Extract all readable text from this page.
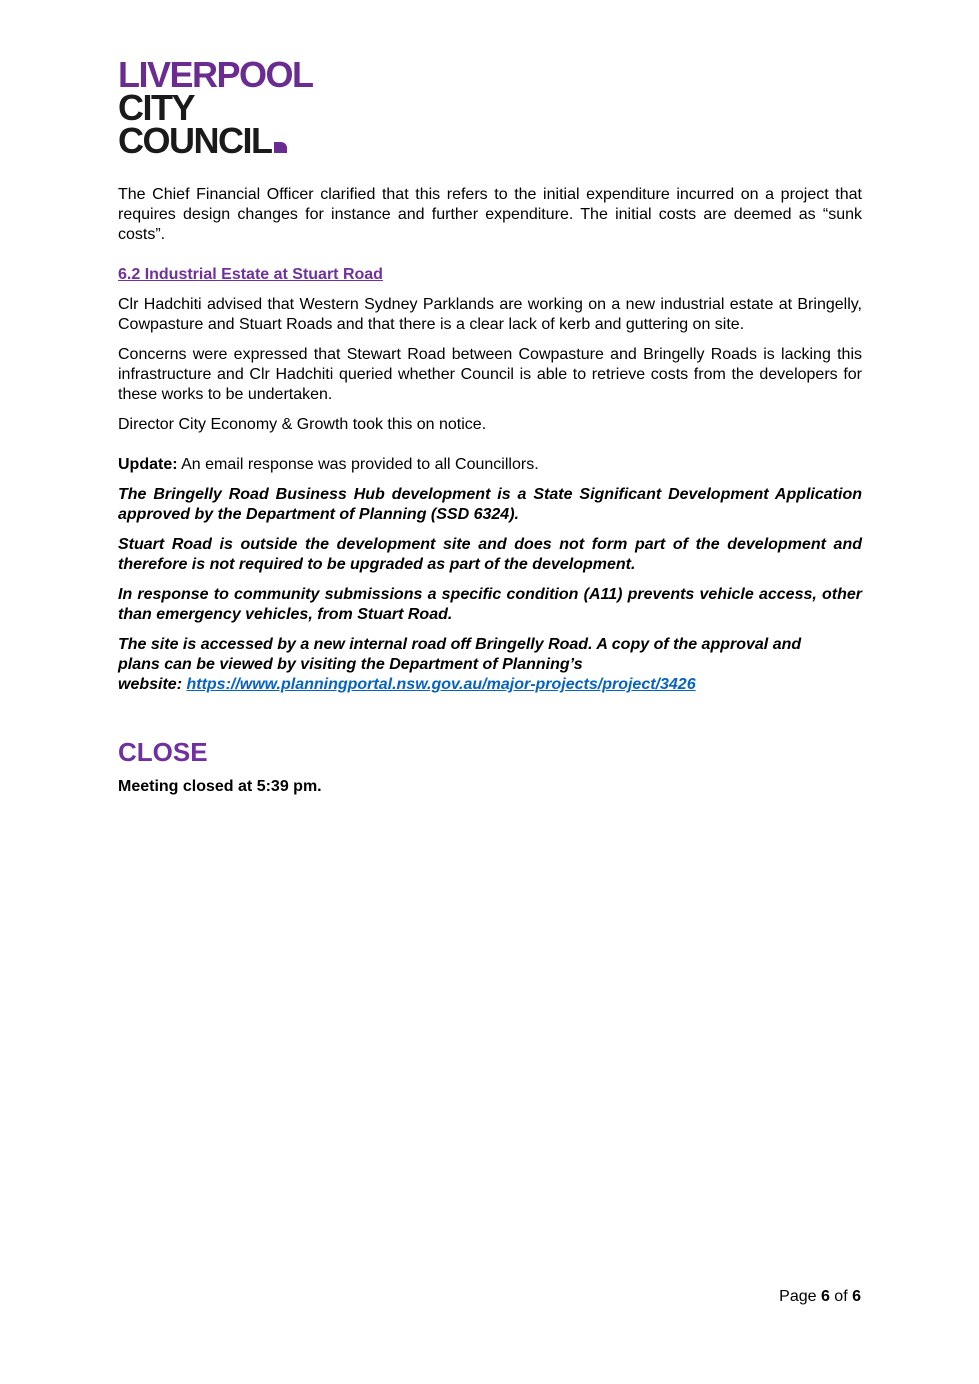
LIVERPOOL
CITY
COUNCIL

The Chief Financial Officer clarified that this refers to the initial expenditure incurred on a project that requires design changes for instance and further expenditure. The initial costs are deemed as “sunk costs”.

6.2 Industrial Estate at Stuart Road

Clr Hadchiti advised that Western Sydney Parklands are working on a new industrial estate at Bringelly, Cowpasture and Stuart Roads and that there is a clear lack of kerb and guttering on site.

Concerns were expressed that Stewart Road between Cowpasture and Bringelly Roads is lacking this infrastructure and Clr Hadchiti queried whether Council is able to retrieve costs from the developers for these works to be undertaken.

Director City Economy & Growth took this on notice.

Update: An email response was provided to all Councillors.

The Bringelly Road Business Hub development is a State Significant Development Application approved by the Department of Planning (SSD 6324).

Stuart Road is outside the development site and does not form part of the development and therefore is not required to be upgraded as part of the development.

In response to community submissions a specific condition (A11) prevents vehicle access, other than emergency vehicles, from Stuart Road.

The site is accessed by a new internal road off Bringelly Road. A copy of the approval and
plans can be viewed by visiting the Department of Planning’s
website: https://www.planningportal.nsw.gov.au/major-projects/project/3426

CLOSE

Meeting closed at 5:39 pm.

Page 6 of 6
